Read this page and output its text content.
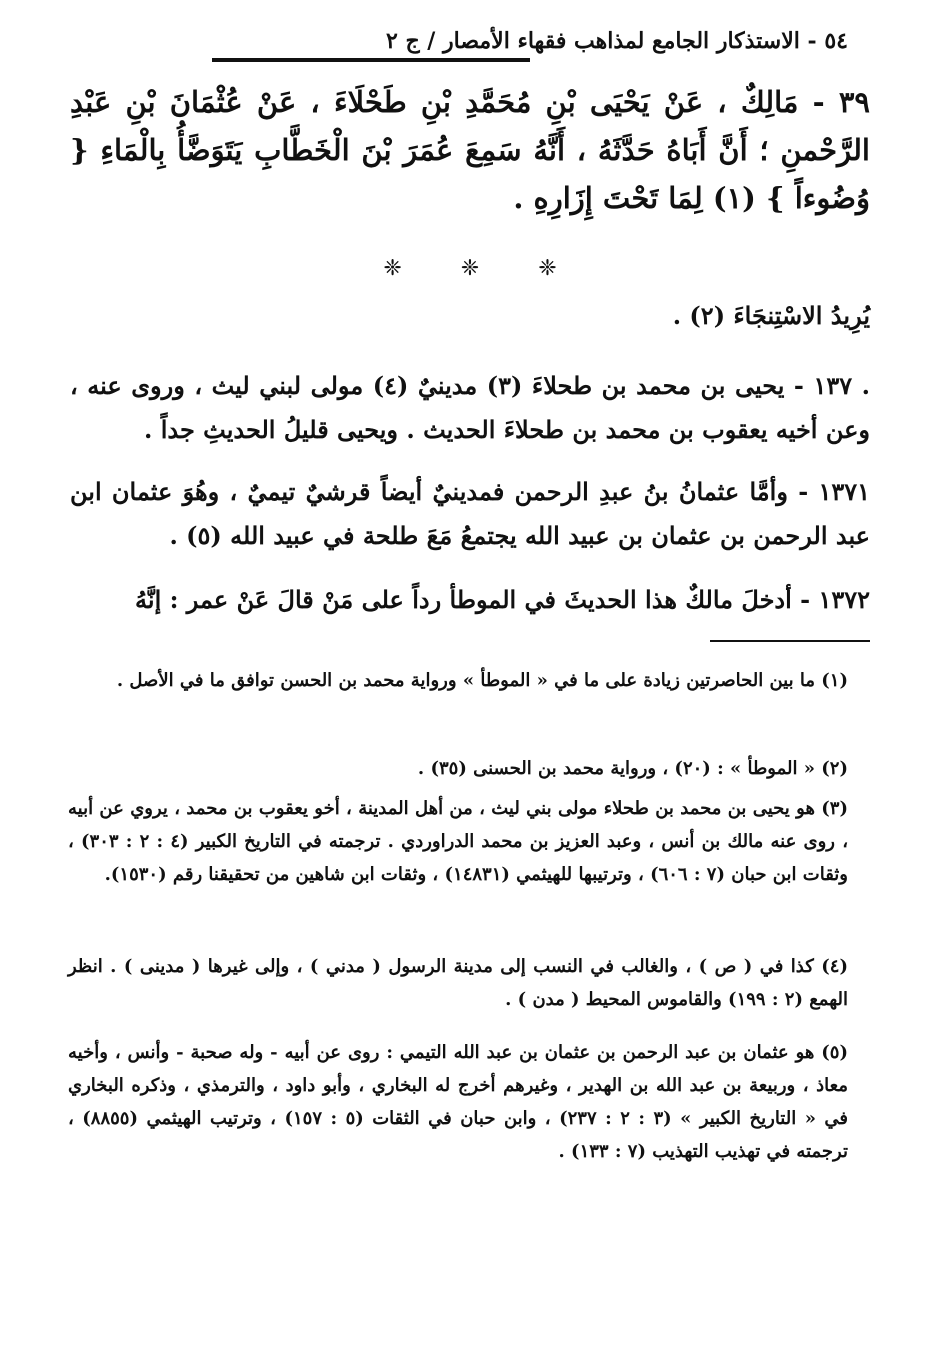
٥٤ - الاستذكار الجامع لمذاهب فقهاء الأمصار / ج ٢
٣٩ - مَالِكٌ ، عَنْ يَحْيَى بْنِ مُحَمَّدِ بْنِ طَحْلَاءَ ، عَنْ عُثْمَانَ بْنِ عَبْدِ الرَّحْمنِ ؛ أَنَّ أَبَاهُ حَدَّثَهُ ، أَنَّهُ سَمِعَ عُمَرَ بْنَ الْخَطَّابِ يَتَوَضَّأُ بِالْمَاءِ { وُضُوءاً } (١) لِمَا تَحْتَ إِزَارِهِ .
❈	❈	❈
يُرِيدُ الاسْتِنجَاءَ (٢) .
. ١٣٧ - يحيى بن محمد بن طحلاءَ (٣) مدينيٌ (٤) مولى لبني ليث ، وروى عنه ، وعن أخيه يعقوب بن محمد بن طحلاءَ الحديث . ويحيى قليلُ الحديثِ جداً .
١٣٧١ - وأمَّا عثمانُ بنُ عبدِ الرحمن فمدينيٌ أيضاً قرشيٌ تيميٌ ، وهُوَ عثمان ابن عبد الرحمن بن عثمان بن عبيد الله يجتمعُ مَعَ طلحة في عبيد الله (٥) .
١٣٧٢ - أدخلَ مالكٌ هذا الحديثَ في الموطأ رداً على مَنْ قالَ عَنْ عمر : إنَّهُ
(١) ما بين الحاصرتين زيادة على ما في « الموطأ » ورواية محمد بن الحسن توافق ما في الأصل .
(٢) « الموطأ » : (٢٠) ، ورواية محمد بن الحسنى (٣٥) .
(٣) هو يحيى بن محمد بن طحلاء مولى بني ليث ، من أهل المدينة ، أخو يعقوب بن محمد ، يروي عن أبيه ، روى عنه مالك بن أنس ، وعبد العزيز بن محمد الدراوردي . ترجمته في التاريخ الكبير (٤ : ٢ : ٣٠٣) ، وثقات ابن حبان (٧ : ٦٠٦) ، وترتيبها للهيثمي (١٤٨٣١) ، وثقات ابن شاهين من تحقيقنا رقم (١٥٣٠).
(٤) كذا في ( ص ) ، والغالب في النسب إلى مدينة الرسول ( مدني ) ، وإلى غيرها ( مدينى ) . انظر الهمع (٢ : ١٩٩) والقاموس المحيط ( مدن ) .
(٥) هو عثمان بن عبد الرحمن بن عثمان بن عبد الله التيمي : روى عن أبيه - وله صحبة - وأنس ، وأخيه معاذ ، وربيعة بن عبد الله بن الهدير ، وغيرهم أخرج له البخاري ، وأبو داود ، والترمذي ، وذكره البخاري في « التاريخ الكبير » (٣ : ٢ : ٢٣٧) ، وابن حبان في الثقات (٥ : ١٥٧) ، وترتيب الهيثمي (٨٨٥٥) ، ترجمته في تهذيب التهذيب (٧ : ١٣٣) .
